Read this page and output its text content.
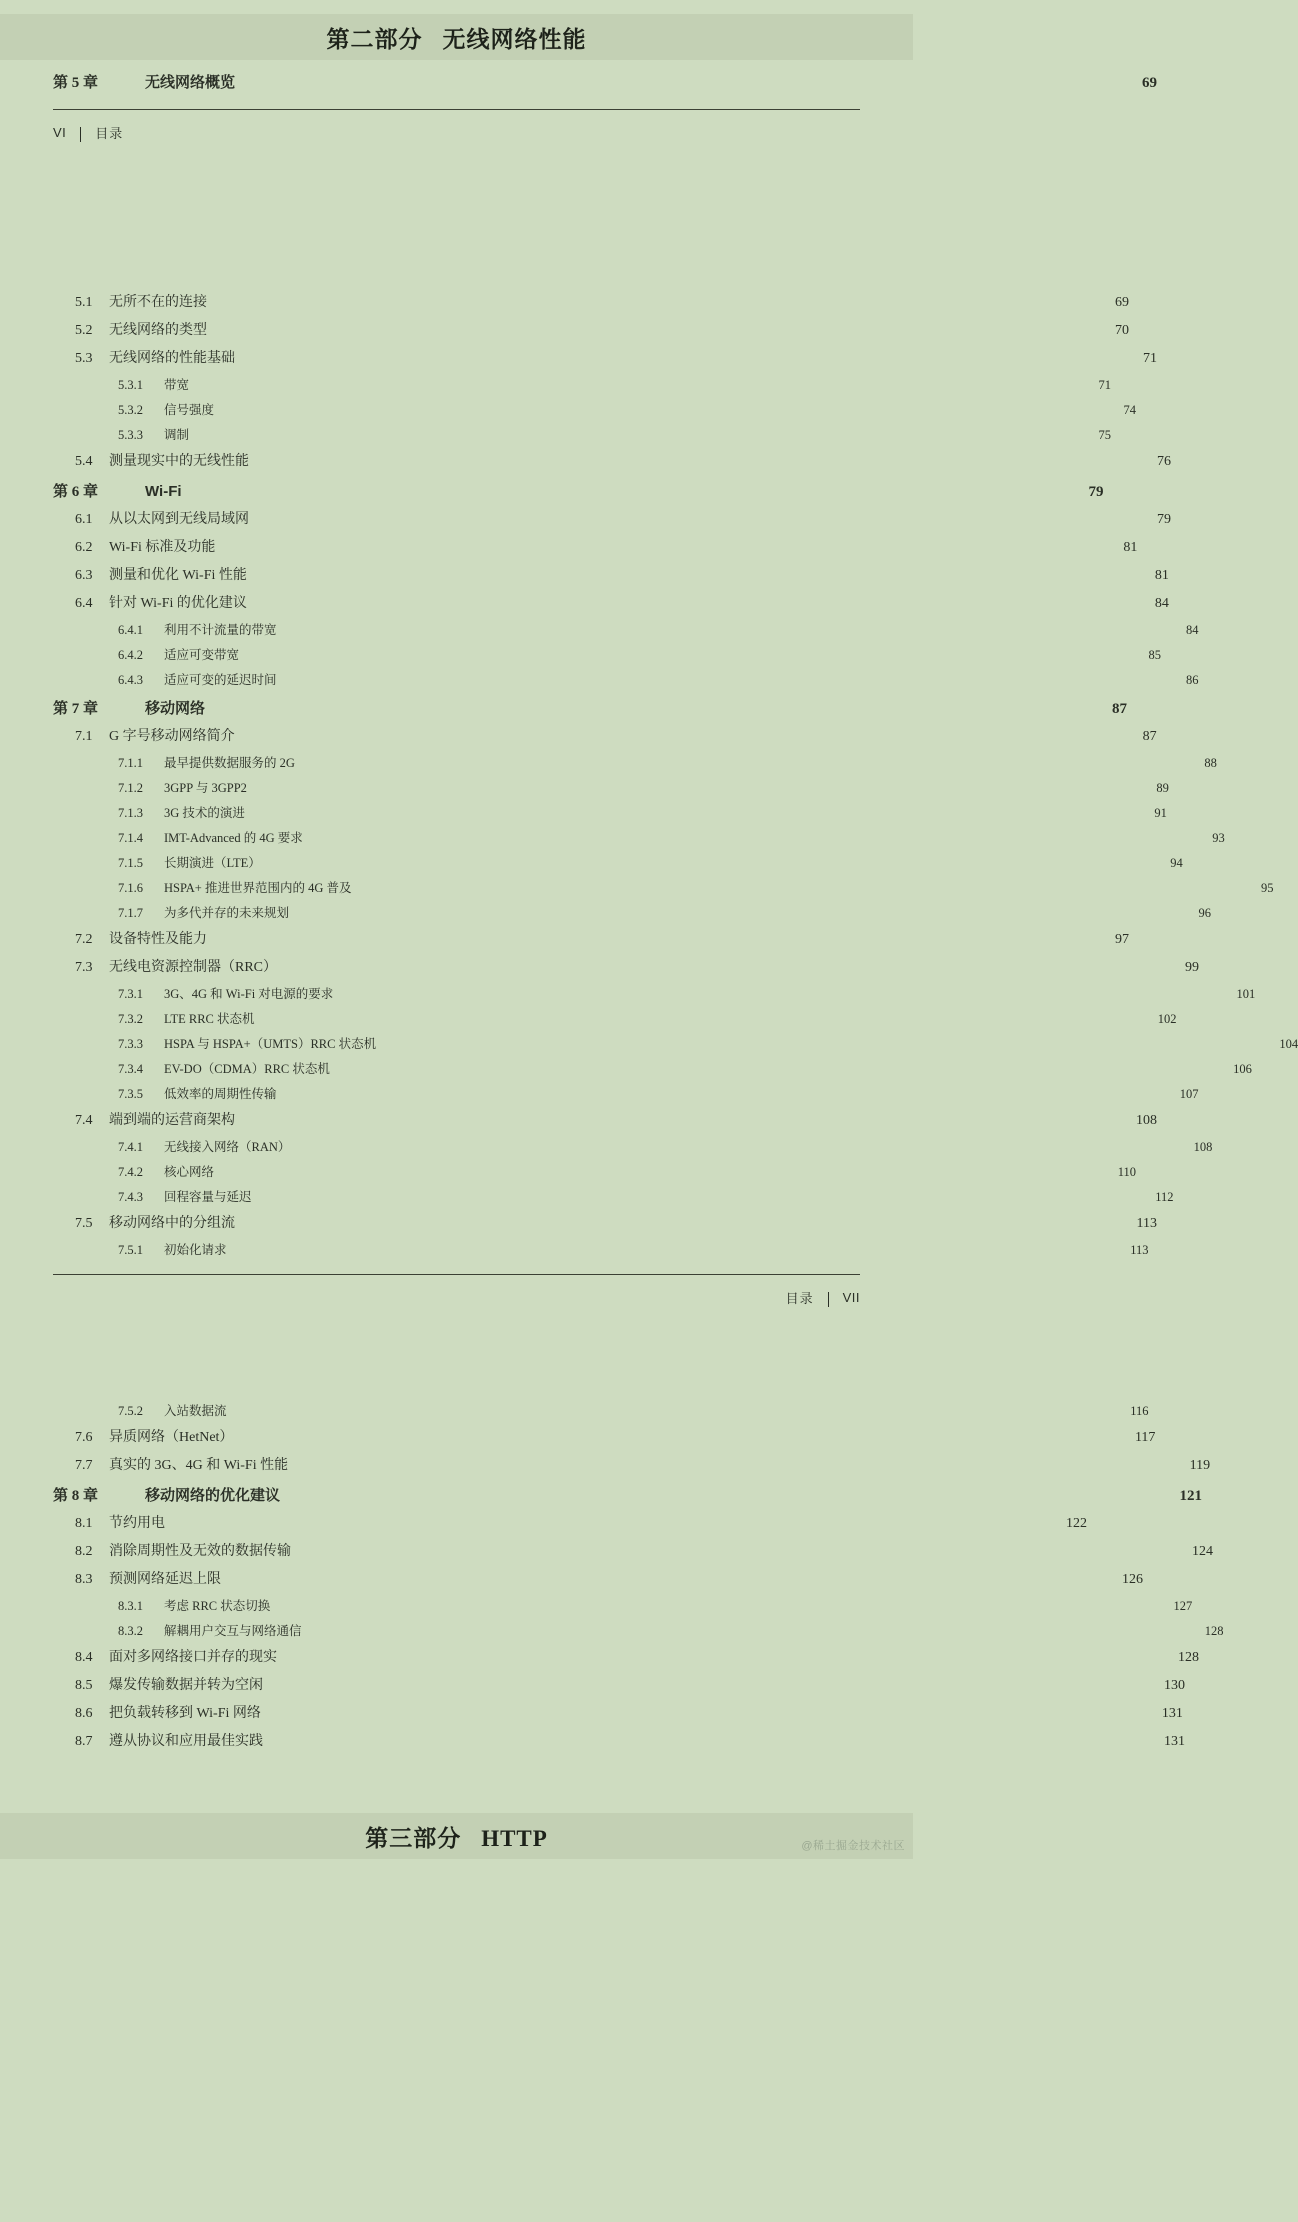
第二部分 无线网络性能
第 5 章	无线网络概览	69
VI 目录
5.1	无所不在的连接	69
5.2	无线网络的类型	70
5.3	无线网络的性能基础	71
5.3.1	带宽	71
5.3.2	信号强度	74
5.3.3	调制	75
5.4	测量现实中的无线性能	76
第 6 章	Wi-Fi	79
6.1	从以太网到无线局域网	79
6.2	Wi-Fi 标准及功能	81
6.3	测量和优化 Wi-Fi 性能	81
6.4	针对 Wi-Fi 的优化建议	84
6.4.1	利用不计流量的带宽	84
6.4.2	适应可变带宽	85
6.4.3	适应可变的延迟时间	86
第 7 章	移动网络	87
7.1	G 字号移动网络简介	87
7.1.1	最早提供数据服务的 2G	88
7.1.2	3GPP 与 3GPP2	89
7.1.3	3G 技术的演进	91
7.1.4	IMT-Advanced 的 4G 要求	93
7.1.5	长期演进（LTE）	94
7.1.6	HSPA+ 推进世界范围内的 4G 普及	95
7.1.7	为多代并存的未来规划	96
7.2	设备特性及能力	97
7.3	无线电资源控制器（RRC）	99
7.3.1	3G、4G 和 Wi-Fi 对电源的要求	101
7.3.2	LTE RRC 状态机	102
7.3.3	HSPA 与 HSPA+（UMTS）RRC 状态机	104
7.3.4	EV-DO（CDMA）RRC 状态机	106
7.3.5	低效率的周期性传输	107
7.4	端到端的运营商架构	108
7.4.1	无线接入网络（RAN）	108
7.4.2	核心网络	110
7.4.3	回程容量与延迟	112
7.5	移动网络中的分组流	113
7.5.1	初始化请求	113
目录 VII
7.5.2	入站数据流	116
7.6	异质网络（HetNet）	117
7.7	真实的 3G、4G 和 Wi-Fi 性能	119
第 8 章	移动网络的优化建议	121
8.1	节约用电	122
8.2	消除周期性及无效的数据传输	124
8.3	预测网络延迟上限	126
8.3.1	考虑 RRC 状态切换	127
8.3.2	解耦用户交互与网络通信	128
8.4	面对多网络接口并存的现实	128
8.5	爆发传输数据并转为空闲	130
8.6	把负载转移到 Wi-Fi 网络	131
8.7	遵从协议和应用最佳实践	131
第三部分 HTTP	@稀土掘金技术社区
